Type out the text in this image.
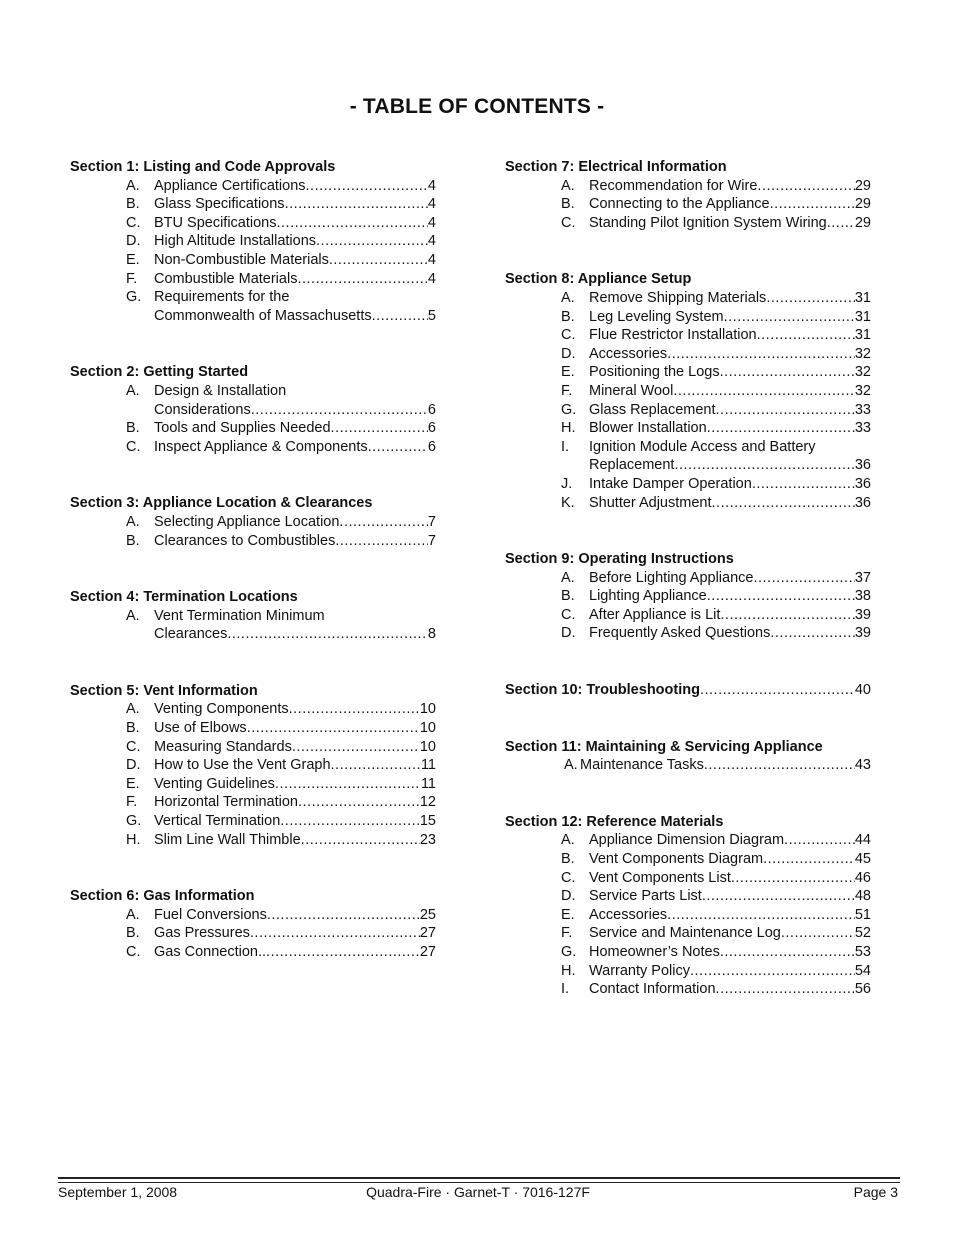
- TABLE OF CONTENTS -
Section 1: Listing and Code Approvals
A. Appliance Certifications .....	4
B. Glass Specifications .....	4
C. BTU Specifications .....	4
D. High Altitude Installations .....	4
E. Non-Combustible Materials .....	4
F.	Combustible Materials .....	4
G. Requirements for the
Commonwealth of Massachusetts .....	5
Section 2: Getting Started
A. Design & Installation
Considerations .....	6
B. Tools and Supplies Needed .....	6
C. Inspect Appliance & Components .....	6
Section 3: Appliance Location & Clearances
A. Selecting Appliance Location .....	7
B. Clearances to Combustibles .....	7
Section 4: Termination Locations
A. Vent Termination Minimum
Clearances .....	8
Section 5: Vent Information
A. Venting Components .....	10
B. Use of Elbows .....	10
C. Measuring Standards .....	10
D. How to Use the Vent Graph .....	11
E. Venting Guidelines .....	11
F.	Horizontal Termination .....	12
G. Vertical Termination .....	15
H. Slim Line Wall Thimble .....	23
Section 6: Gas Information
A. Fuel Conversions .....	25
B. Gas Pressures .....	27
C. Gas Connection.. .....	27
Section 7: Electrical Information
A. Recommendation for Wire .....	29
B. Connecting to the Appliance .....	29
C. Standing Pilot Ignition System Wiring ..... 29
Section 8: Appliance Setup
A. Remove Shipping Materials .....	31
B. Leg Leveling System .....	31
C. Flue Restrictor Installation .....	31
D. Accessories .....	32
E. Positioning the Logs .....	32
F.	Mineral Wool .....	32
G. Glass Replacement .....	33
H. Blower Installation .....	33
I.	Ignition Module Access and Battery
Replacement .....	36
J.	Intake Damper Operation .....	36
K. Shutter Adjustment .....	36
Section 9: Operating Instructions
A. Before Lighting Appliance .....	37
B. Lighting Appliance .....	38
C. After Appliance is Lit .....	39
D. Frequently Asked Questions .....	39
Section 10: Troubleshooting .....	40
Section 11: Maintaining & Servicing Appliance
A. Maintenance Tasks .....	43
Section 12: Reference Materials
A. Appliance Dimension Diagram .....	44
B. Vent Components Diagram .....	45
C. Vent Components List .....	46
D. Service Parts List .....	48
E. Accessories .....	51
F.	Service and Maintenance Log .....	52
G. Homeowner’s Notes .....	53
H. Warranty Policy .....	54
I.	Contact Information .....	56
September 1, 2008	Quadra-Fire · Garnet-T · 7016-127F	Page 3
